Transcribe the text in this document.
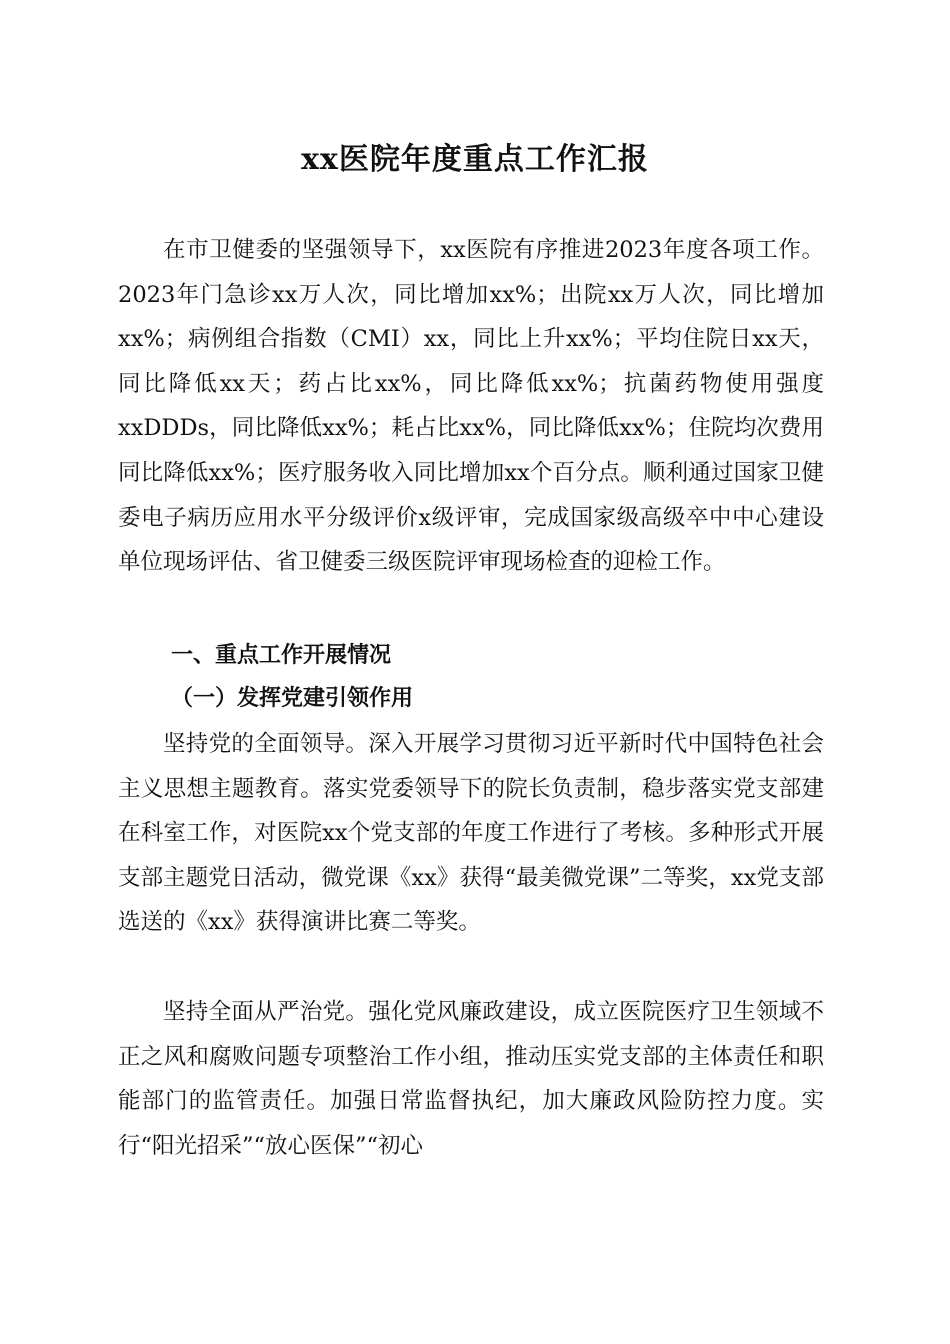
xx医院年度重点工作汇报

在市卫健委的坚强领导下，xx医院有序推进2023年度各项工作。2023年门急诊xx万人次，同比增加xx%；出院xx万人次，同比增加xx%；病例组合指数（CMI）xx，同比上升xx%；平均住院日xx天，同比降低xx天；药占比xx%，同比降低xx%；抗菌药物使用强度xxDDDs，同比降低xx%；耗占比xx%，同比降低xx%；住院均次费用同比降低xx%；医疗服务收入同比增加xx个百分点。顺利通过国家卫健委电子病历应用水平分级评价x级评审，完成国家级高级卒中中心建设单位现场评估、省卫健委三级医院评审现场检查的迎检工作。

一、重点工作开展情况
（一）发挥党建引领作用

坚持党的全面领导。深入开展学习贯彻习近平新时代中国特色社会主义思想主题教育。落实党委领导下的院长负责制，稳步落实党支部建在科室工作，对医院xx个党支部的年度工作进行了考核。多种形式开展支部主题党日活动，微党课《xx》获得“最美微党课”二等奖，xx党支部选送的《xx》获得演讲比赛二等奖。

坚持全面从严治党。强化党风廉政建设，成立医院医疗卫生领域不正之风和腐败问题专项整治工作小组，推动压实党支部的主体责任和职能部门的监管责任。加强日常监督执纪，加大廉政风险防控力度。实行“阳光招采”“放心医保”“初心
